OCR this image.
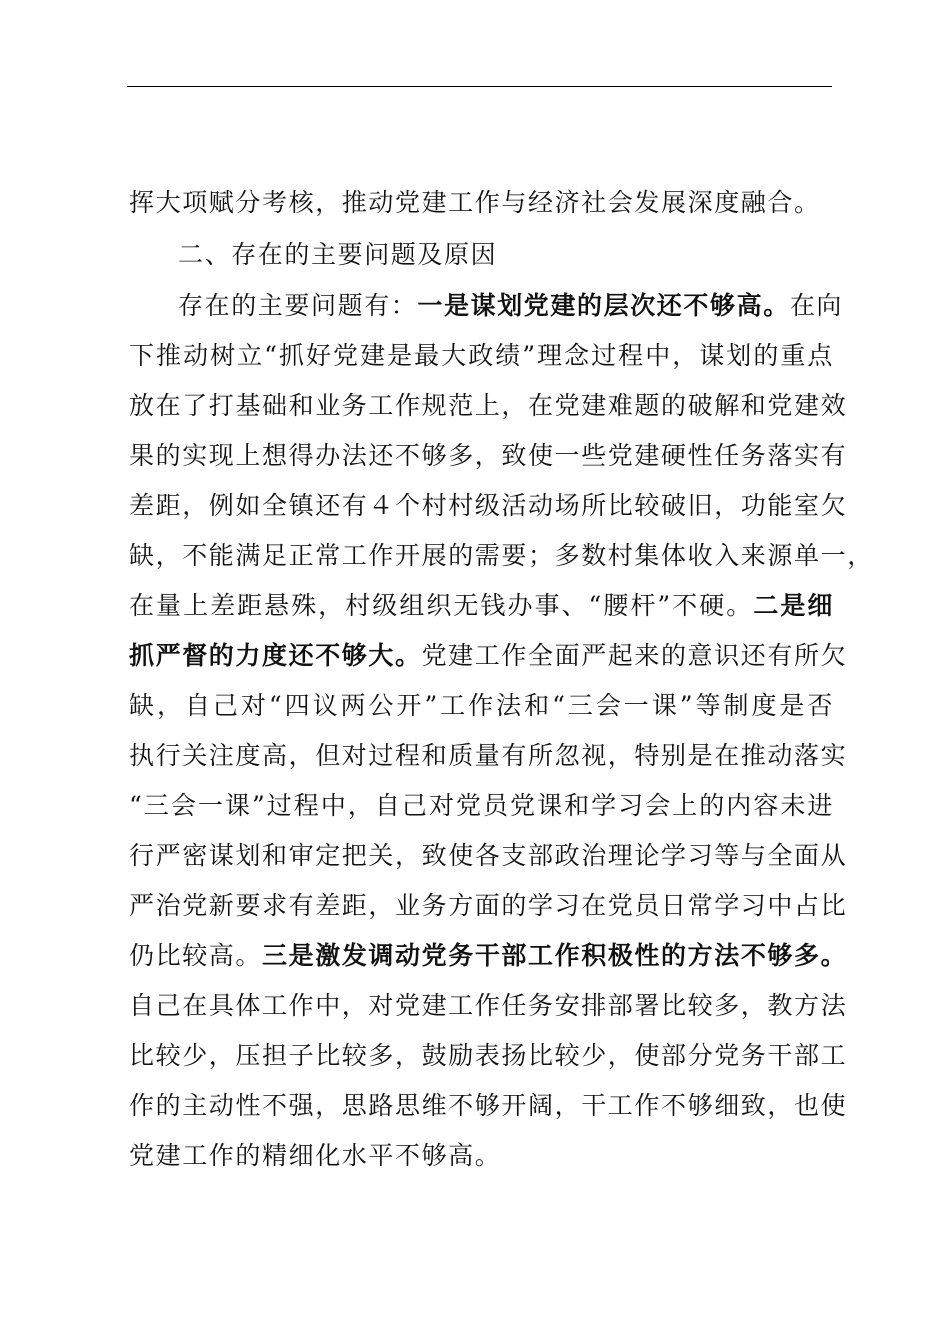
挥大项赋分考核，推动党建工作与经济社会发展深度融合。
二、存在的主要问题及原因
存在的主要问题有：一是谋划党建的层次还不够高。在向
下推动树立“抓好党建是最大政绩”理念过程中，谋划的重点
放在了打基础和业务工作规范上，在党建难题的破解和党建效
果的实现上想得办法还不够多，致使一些党建硬性任务落实有
差距，例如全镇还有４个村村级活动场所比较破旧，功能室欠
缺，不能满足正常工作开展的需要；多数村集体收入来源单一，
在量上差距悬殊，村级组织无钱办事、“腰杆”不硬。二是细
抓严督的力度还不够大。党建工作全面严起来的意识还有所欠
缺，自己对“四议两公开”工作法和“三会一课”等制度是否
执行关注度高，但对过程和质量有所忽视，特别是在推动落实
“三会一课”过程中，自己对党员党课和学习会上的内容未进
行严密谋划和审定把关，致使各支部政治理论学习等与全面从
严治党新要求有差距，业务方面的学习在党员日常学习中占比
仍比较高。三是激发调动党务干部工作积极性的方法不够多。
自己在具体工作中，对党建工作任务安排部署比较多，教方法
比较少，压担子比较多，鼓励表扬比较少，使部分党务干部工
作的主动性不强，思路思维不够开阔，干工作不够细致，也使
党建工作的精细化水平不够高。
